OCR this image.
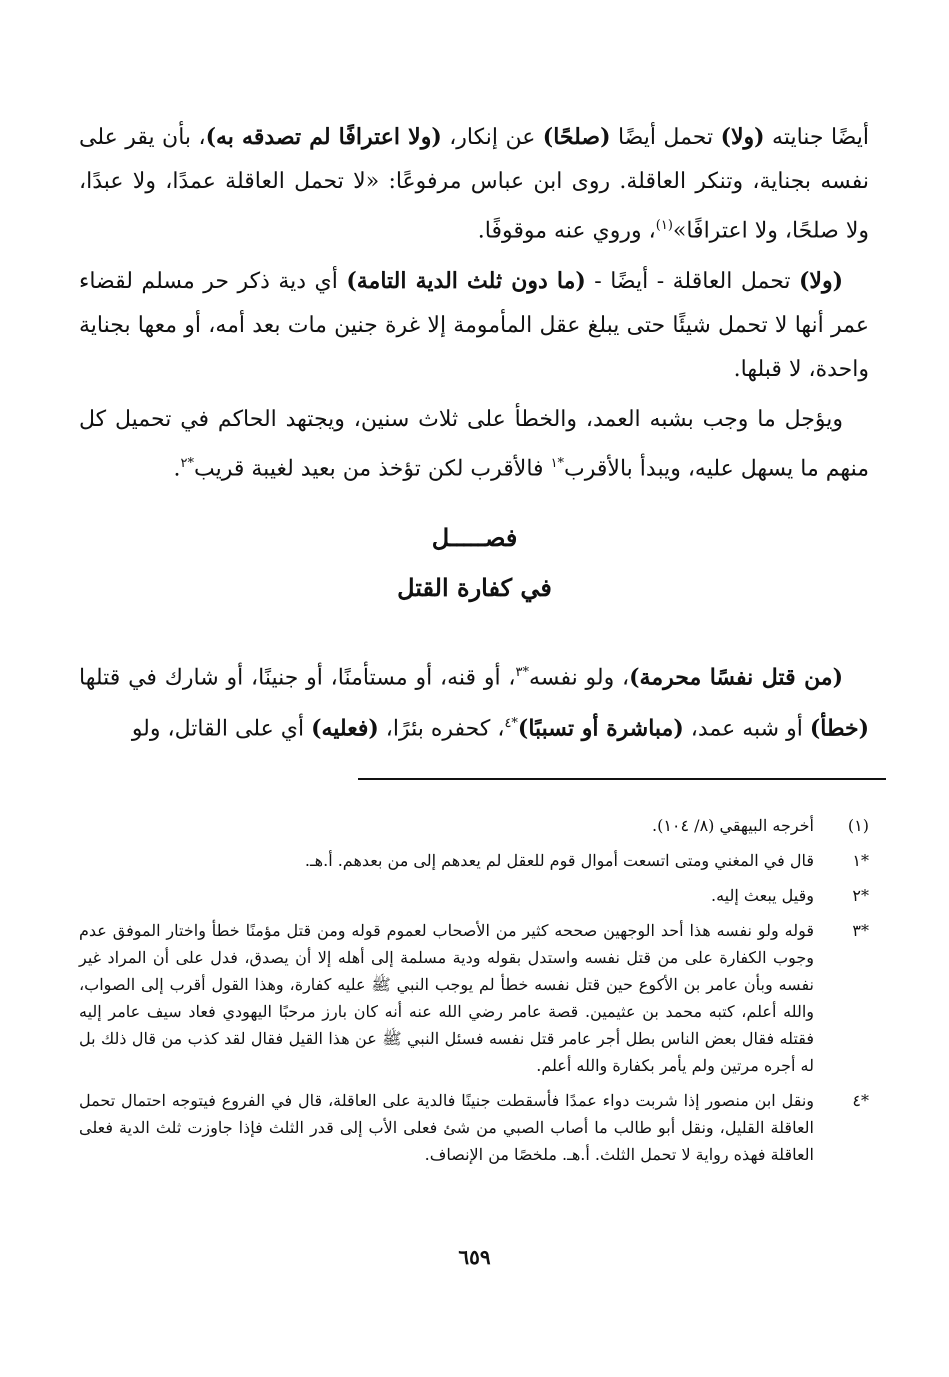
أيضًا جنايته (ولا) تحمل أيضًا (صلحًا) عن إنكار، (ولا اعترافًا لم تصدقه به)، بأن يقر على نفسه بجناية، وتنكر العاقلة. روى ابن عباس مرفوعًا: «لا تحمل العاقلة عمدًا، ولا عبدًا، ولا صلحًا، ولا اعترافًا»$^{(١)}$، وروي عنه موقوفًا.

(ولا) تحمل العاقلة - أيضًا - (ما دون ثلث الدية التامة) أي دية ذكر حر مسلم لقضاء عمر أنها لا تحمل شيئًا حتى يبلغ عقل المأمومة إلا غرة جنين مات بعد أمه، أو معها بجناية واحدة، لا قبلها.

ويؤجل ما وجب بشبه العمد، والخطأ على ثلاث سنين، ويجتهد الحاكم في تحميل كل منهم ما يسهل عليه، ويبدأ بالأقرب$^{*١}$ فالأقرب لكن تؤخذ من بعيد لغيبة قريب$^{*٢}$.

فصـــــل
في كفارة القتل

(من قتل نفسًا محرمة)، ولو نفسه$^{*٣}$، أو قنه، أو مستأمنًا، أو جنينًا، أو شارك في قتلها (خطأ) أو شبه عمد، (مباشرة أو تسببًا)$^{*٤}$، كحفره بئرًا، (فعليه) أي على القاتل، ولو

(١)
أخرجه البيهقي (٨/ ١٠٤).
*١
قال في المغني ومتى اتسعت أموال قوم للعقل لم يعدهم إلى من بعدهم. أ.هـ.
*٢
وقيل يبعث إليه.
*٣
قوله ولو نفسه هذا أحد الوجهين صححه كثير من الأصحاب لعموم قوله ومن قتل مؤمنًا خطأ واختار الموفق عدم وجوب الكفارة على من قتل نفسه واستدل بقوله ودية مسلمة إلى أهله إلا أن يصدق، فدل على أن المراد غير نفسه وبأن عامر بن الأكوع حين قتل نفسه خطأ لم يوجب النبي ﷺ عليه كفارة، وهذا القول أقرب إلى الصواب، والله أعلم، كتبه محمد بن عثيمين. قصة عامر رضي الله عنه أنه كان بارز مرحبًا اليهودي فعاد سيف عامر إليه فقتله فقال بعض الناس بطل أجر عامر قتل نفسه فسئل النبي ﷺ عن هذا القيل فقال لقد كذب من قال ذلك بل له أجره مرتين ولم يأمر بكفارة والله أعلم.
*٤
ونقل ابن منصور إذا شربت دواء عمدًا فأسقطت جنينًا فالدية على العاقلة، قال في الفروع فيتوجه احتمال تحمل العاقلة القليل، ونقل أبو طالب ما أصاب الصبي من شئ فعلى الأب إلى قدر الثلث فإذا جاوزت ثلث الدية فعلى العاقلة فهذه رواية لا تحمل الثلث. أ.هـ. ملخصًا من الإنصاف.
٦٥٩
